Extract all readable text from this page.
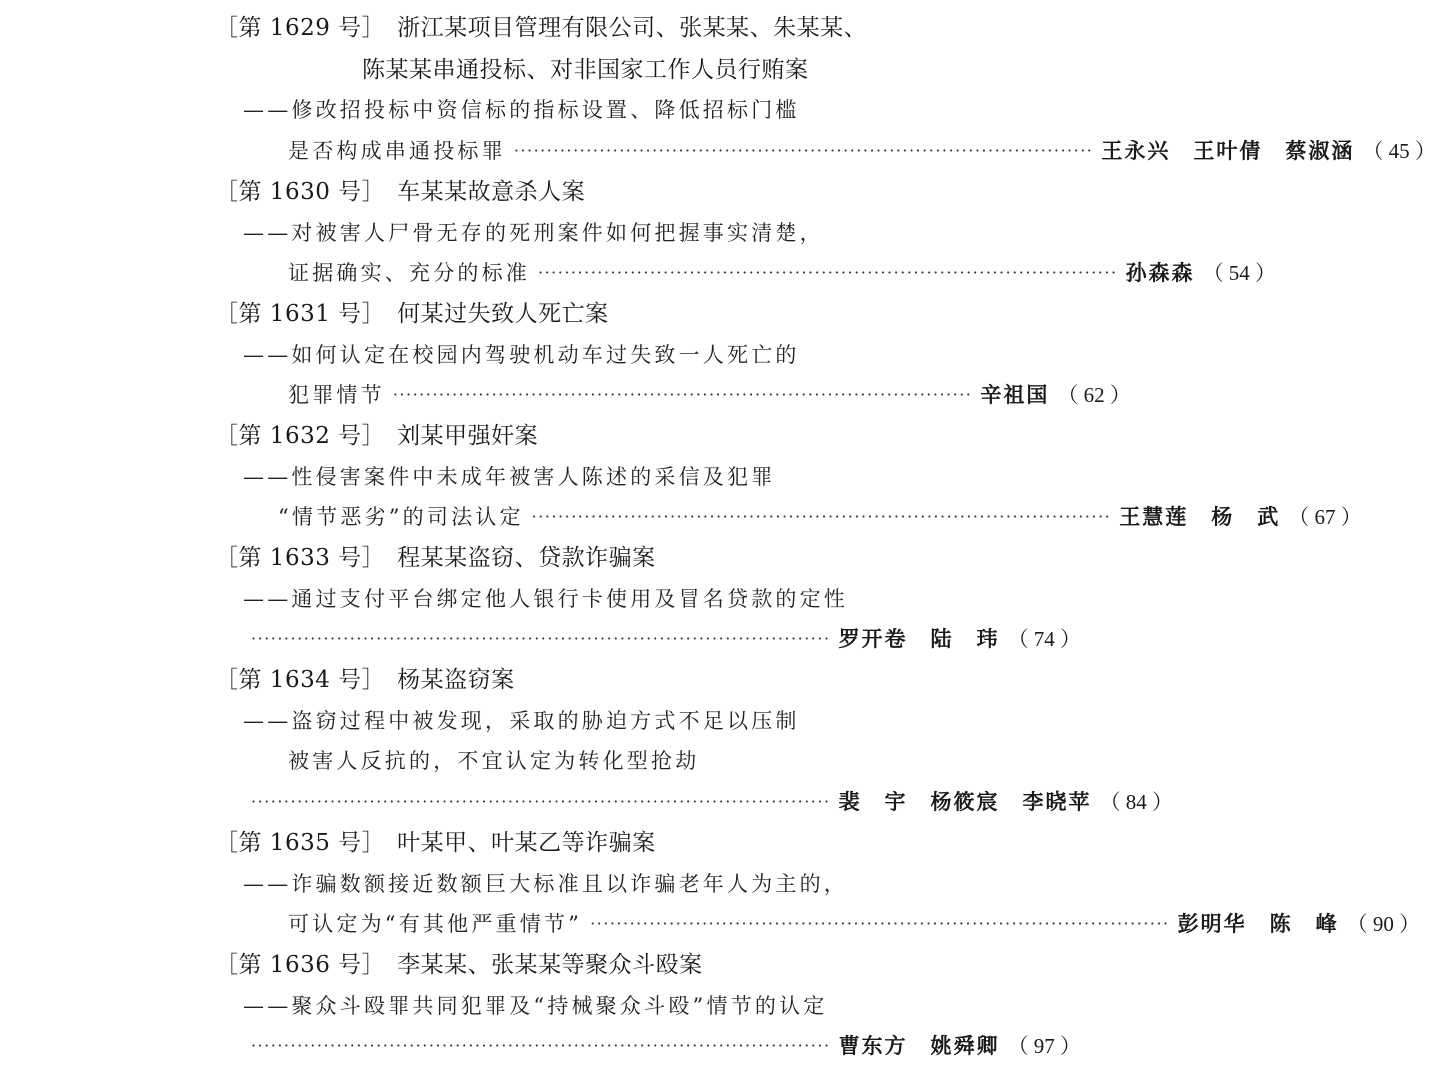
［第 1629 号］ 浙江某项目管理有限公司、张某某、朱某某、
陈某某串通投标、对非国家工作人员行贿案
——修改招投标中资信标的指标设置、降低招标门槛
是否构成串通投标罪 ························································································ 王永兴　王叶倩　蔡淑涵 （ 45 ）
［第 1630 号］ 车某某故意杀人案
——对被害人尸骨无存的死刑案件如何把握事实清楚，
证据确实、充分的标准 ························································································ 孙森森 （ 54 ）
［第 1631 号］ 何某过失致人死亡案
——如何认定在校园内驾驶机动车过失致一人死亡的
犯罪情节 ························································································ 辛祖国 （ 62 ）
［第 1632 号］ 刘某甲强奸案
——性侵害案件中未成年被害人陈述的采信及犯罪
“情节恶劣”的司法认定 ························································································ 王慧莲　杨　武 （ 67 ）
［第 1633 号］ 程某某盗窃、贷款诈骗案
——通过支付平台绑定他人银行卡使用及冒名贷款的定性
························································································ 罗开卷　陆　玮 （ 74 ）
［第 1634 号］ 杨某盗窃案
——盗窃过程中被发现，采取的胁迫方式不足以压制
被害人反抗的，不宜认定为转化型抢劫
························································································ 裴　宇　杨筱宸　李晓苹 （ 84 ）
［第 1635 号］ 叶某甲、叶某乙等诈骗案
——诈骗数额接近数额巨大标准且以诈骗老年人为主的，
可认定为“有其他严重情节” ························································································ 彭明华　陈　峰 （ 90 ）
［第 1636 号］ 李某某、张某某等聚众斗殴案
——聚众斗殴罪共同犯罪及“持械聚众斗殴”情节的认定
························································································ 曹东方　姚舜卿 （ 97 ）
